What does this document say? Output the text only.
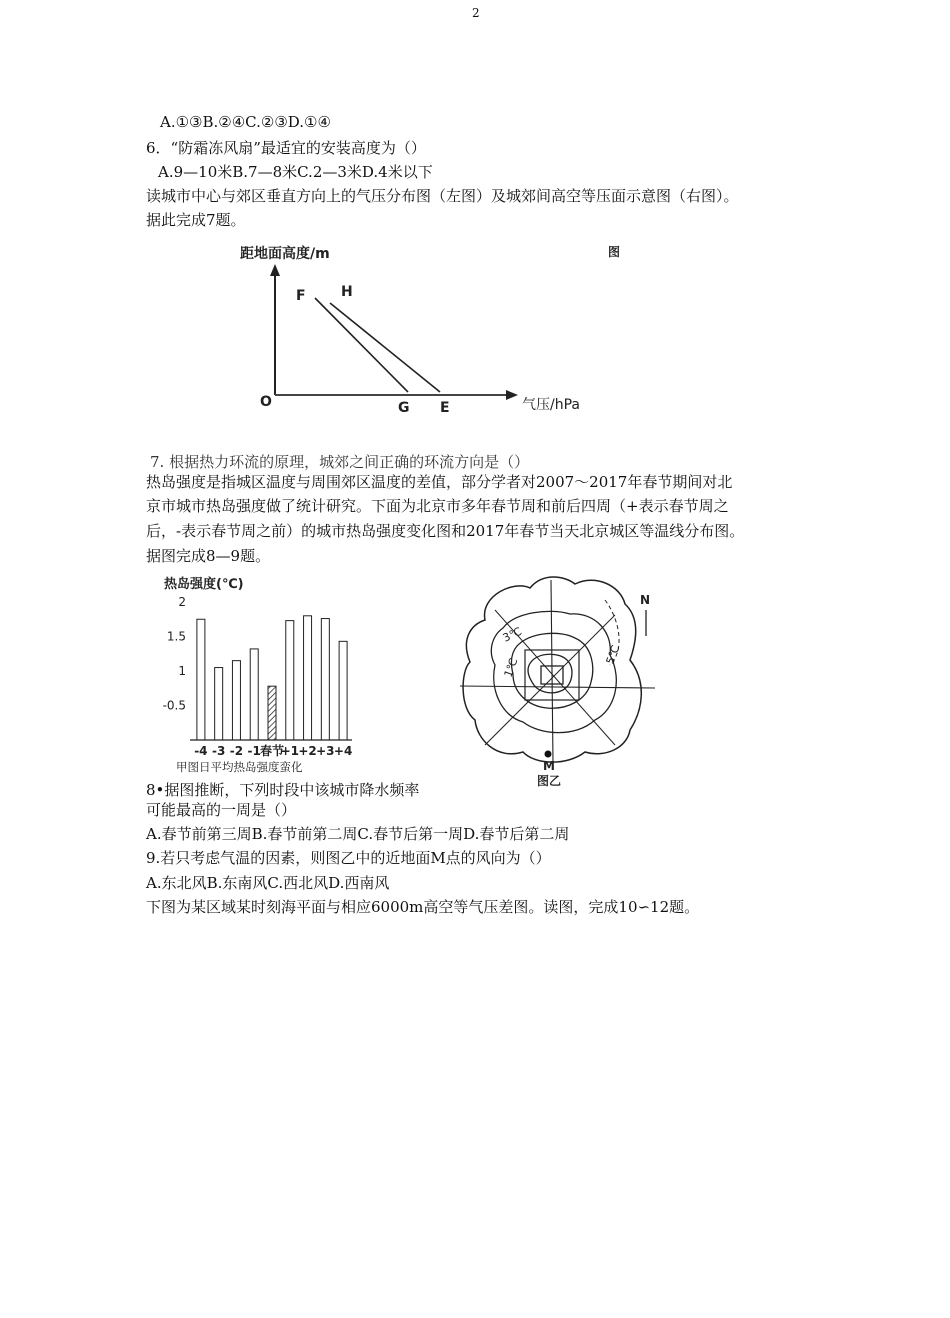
2
A.①③B.②④C.②③D.①④
6．“防霜冻风扇”最适宜的安装高度为（）
A.9—10米B.7—8米C.2—3米D.4米以下
读城市中心与郊区垂直方向上的气压分布图（左图）及城郊间高空等压面示意图（右图）。
据此完成7题。
距地面高度/m
O
F	H
G E	气压/hPa
图
7. 根据热力环流的原理，城郊之间正确的环流方向是（）
热岛强度是指城区温度与周围郊区温度的差值，部分学者对2007～2017年春节期间对北
京市城市热岛强度做了统计研究。下面为北京市多年春节周和前后四周（+表示春节周之
后，-表示春节周之前）的城市热岛强度变化图和2017年春节当天北京城区等温线分布图。
据图完成8—9题。
热岛强度(℃)
2
1.5
1
-0.5
-4 -3 -2 -1 春节
+1 +2 +3 +4
甲图日平均热岛强度蛮化
3℃
1℃
5℃
N
M
图乙
8•据图推断，下列时段中该城市降水频率
可能最高的一周是（）
A.春节前第三周B.春节前第二周C.春节后第一周D.春节后第二周
9.若只考虑气温的因素，则图乙中的近地面M点的风向为（）
A.东北风B.东南风C.西北风D.西南风
下图为某区域某时刻海平面与相应6000m高空等气压差图。读图，完成10∽12题。
